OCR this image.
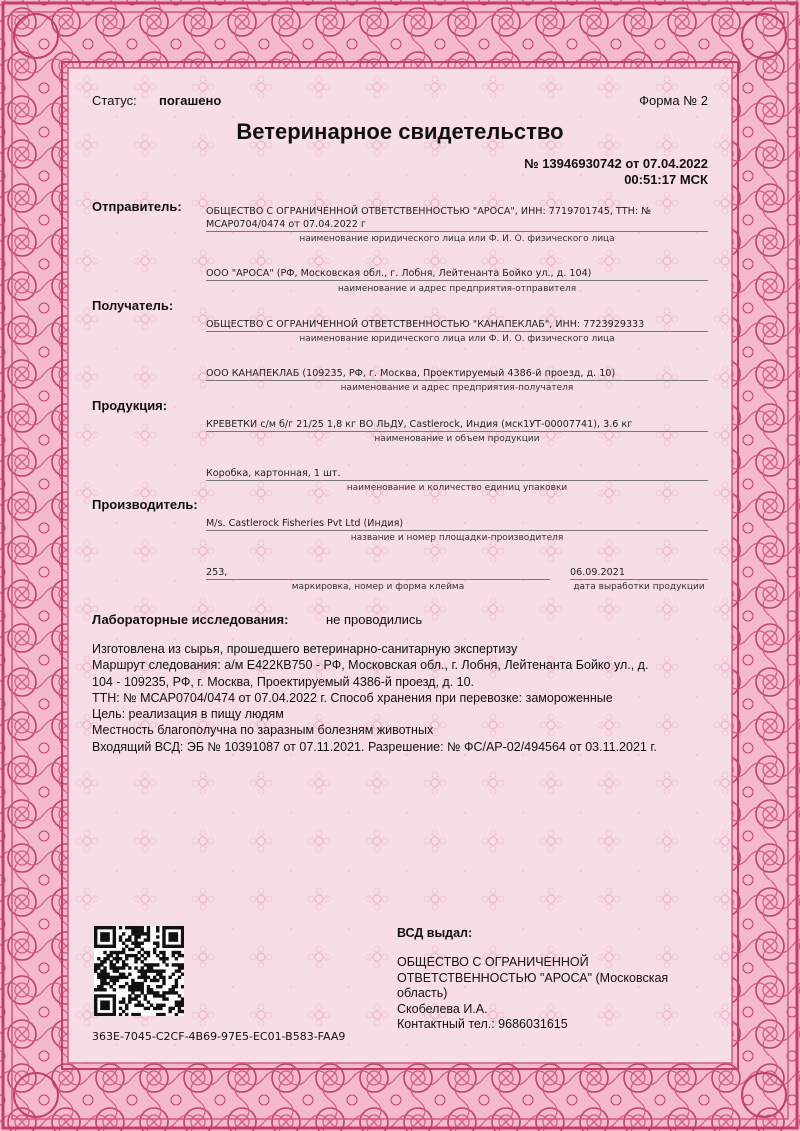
Статус: погашено	Форма № 2
Ветеринарное свидетельство
№ 13946930742 от 07.04.2022
00:51:17 МСК
Отправитель:	ОБЩЕСТВО С ОГРАНИЧЕННОЙ ОТВЕТСТВЕННОСТЬЮ "АРОСА", ИНН: 7719701745, ТТН: №
МСАР0704/0474 от 07.04.2022 г
наименование юридического лица или Ф. И. О. физического лица
ООО "АРОСА" (РФ, Московская обл., г. Лобня, Лейтенанта Бойко ул., д. 104)
наименование и адрес предприятия-отправителя
Получатель:
ОБЩЕСТВО С ОГРАНИЧЕННОЙ ОТВЕТСТВЕННОСТЬЮ "КАНАПЕКЛАБ", ИНН: 7723929333
наименование юридического лица или Ф. И. О. физического лица
ООО КАНАПЕКЛАБ (109235, РФ, г. Москва, Проектируемый 4386-й проезд, д. 10)
наименование и адрес предприятия-получателя
Продукция:
КРЕВЕТКИ с/м б/г 21/25 1,8 кг ВО ЛЬДУ, Castlerock, Индия (мск1УТ-00007741), 3.6 кг
наименование и объем продукции
Коробка, картонная, 1 шт.
наименование и количество единиц упаковки
Производитель:
M/s. Castlerock Fisheries Pvt Ltd (Индия)
название и номер площадки-производителя
253,
маркировка, номер и форма клейма
06.09.2021
дата выработки продукции
Лабораторные исследования:	не проводились
Изготовлена из сырья, прошедшего ветеринарно-санитарную экспертизу
Маршрут следования: а/м Е422КВ750 - РФ, Московская обл., г. Лобня, Лейтенанта Бойко ул., д.
104 - 109235, РФ, г. Москва, Проектируемый 4386-й проезд, д. 10.
ТТН: № МСАР0704/0474 от 07.04.2022 г. Способ хранения при перевозке: замороженные
Цель: реализация в пищу людям
Местность благополучна по заразным болезням животных
Входящий ВСД: ЭБ № 10391087 от 07.11.2021. Разрешение: № ФС/АР-02/494564 от 03.11.2021 г.
363E-7045-C2CF-4B69-97E5-EC01-B583-FAA9
ВСД выдал:
ОБЩЕСТВО С ОГРАНИЧЕННОЙ
ОТВЕТСТВЕННОСТЬЮ "АРОСА" (Московская
область)
Скобелева И.А.
Контактный тел.: 9686031615
